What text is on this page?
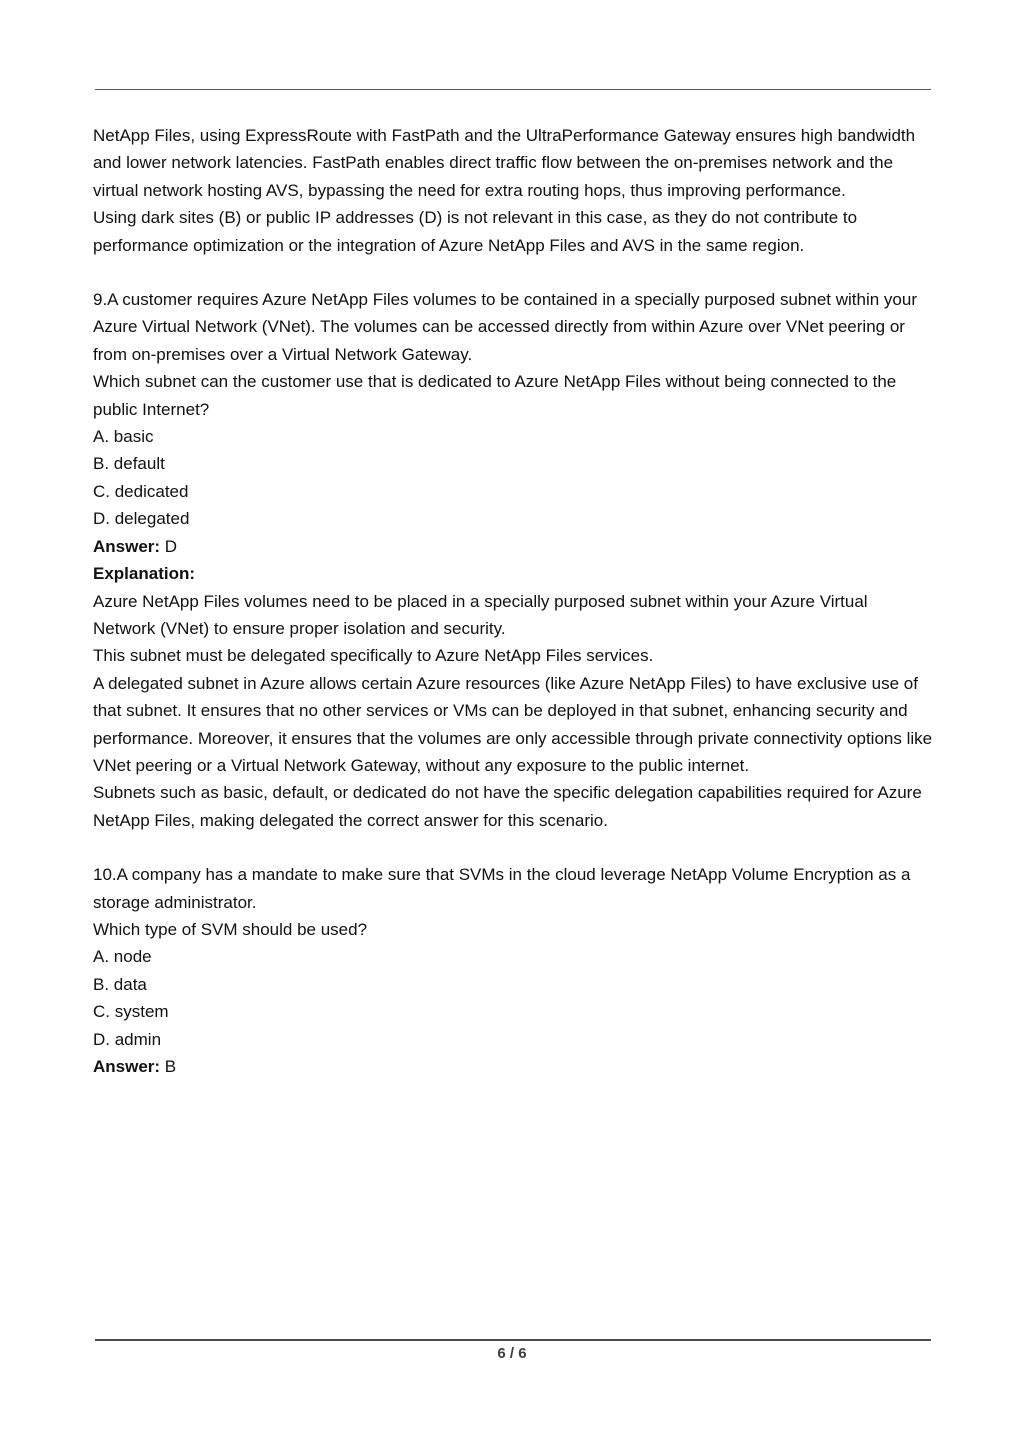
NetApp Files, using ExpressRoute with FastPath and the UltraPerformance Gateway ensures high bandwidth and lower network latencies. FastPath enables direct traffic flow between the on-premises network and the virtual network hosting AVS, bypassing the need for extra routing hops, thus improving performance.

Using dark sites (B) or public IP addresses (D) is not relevant in this case, as they do not contribute to performance optimization or the integration of Azure NetApp Files and AVS in the same region.

9.A customer requires Azure NetApp Files volumes to be contained in a specially purposed subnet within your Azure Virtual Network (VNet). The volumes can be accessed directly from within Azure over VNet peering or from on-premises over a Virtual Network Gateway.

Which subnet can the customer use that is dedicated to Azure NetApp Files without being connected to the public Internet?

A. basic

B. default

C. dedicated

D. delegated

Answer: D

Explanation:

Azure NetApp Files volumes need to be placed in a specially purposed subnet within your Azure Virtual Network (VNet) to ensure proper isolation and security.

This subnet must be delegated specifically to Azure NetApp Files services.

A delegated subnet in Azure allows certain Azure resources (like Azure NetApp Files) to have exclusive use of that subnet. It ensures that no other services or VMs can be deployed in that subnet, enhancing security and performance. Moreover, it ensures that the volumes are only accessible through private connectivity options like VNet peering or a Virtual Network Gateway, without any exposure to the public internet.

Subnets such as basic, default, or dedicated do not have the specific delegation capabilities required for Azure NetApp Files, making delegated the correct answer for this scenario.

10.A company has a mandate to make sure that SVMs in the cloud leverage NetApp Volume Encryption as a storage administrator.

Which type of SVM should be used?

A. node

B. data

C. system

D. admin

Answer: B

6 / 6
